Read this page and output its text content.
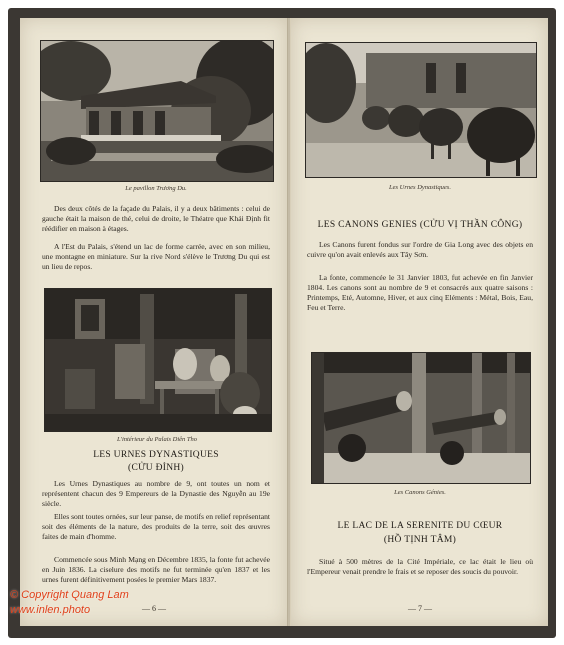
Le pavillon Trương Du.

Des deux côtés de la façade du Palais, il y a deux bâtiments : celui de gauche était la maison de thé, celui de droite, le Théatre que Khải Định fit réédifier en maison à étages.

A l'Est du Palais, s'étend un lac de forme carrée, avec en son milieu, une montagne en miniature. Sur la rive Nord s'élève le Trương Du qui est un lieu de repos.

L'intérieur du Palais Diên Tho
LES URNES DYNASTIQUES
(CỬU ĐỈNH)

Les Urnes Dynastiques au nombre de 9, ont toutes un nom et représentent chacun des 9 Empereurs de la Dynastie des Nguyễn au 19e siècle.

Elles sont toutes ornées, sur leur panse, de motifs en relief représentant soit des éléments de la nature, des produits de la terre, soit des œuvres faites de main d'homme.

Commencée sous Minh Mạng en Décembre 1835, la fonte fut achevée en Juin 1836. La ciselure des motifs ne fut terminée qu'en 1837 et les urnes furent définitivement posées le premier Mars 1837.

— 6 —
Les Urnes Dynastiques.
LES CANONS GENIES (CỬU VỊ THẦN CÔNG)

Les Canons furent fondus sur l'ordre de Gia Long avec des objets en cuivre qu'on avait enlevés aux Tây Sơn.

La fonte, commencée le 31 Janvier 1803, fut achevée en fin Janvier 1804. Les canons sont au nombre de 9 et consacrés aux quatre saisons : Printemps, Eté, Automne, Hiver, et aux cinq Eléments : Métal, Bois, Eau, Feu et Terre.

Les Canons Génies.
LE LAC DE LA SERENITE DU CŒUR
(HỒ TỊNH TÂM)

Situé à 500 mètres de la Cité Impériale, ce lac était le lieu où l'Empereur venait prendre le frais et se reposer des soucis du pouvoir.

— 7 —
© Copyright Quang Lam
www.inlen.photo
